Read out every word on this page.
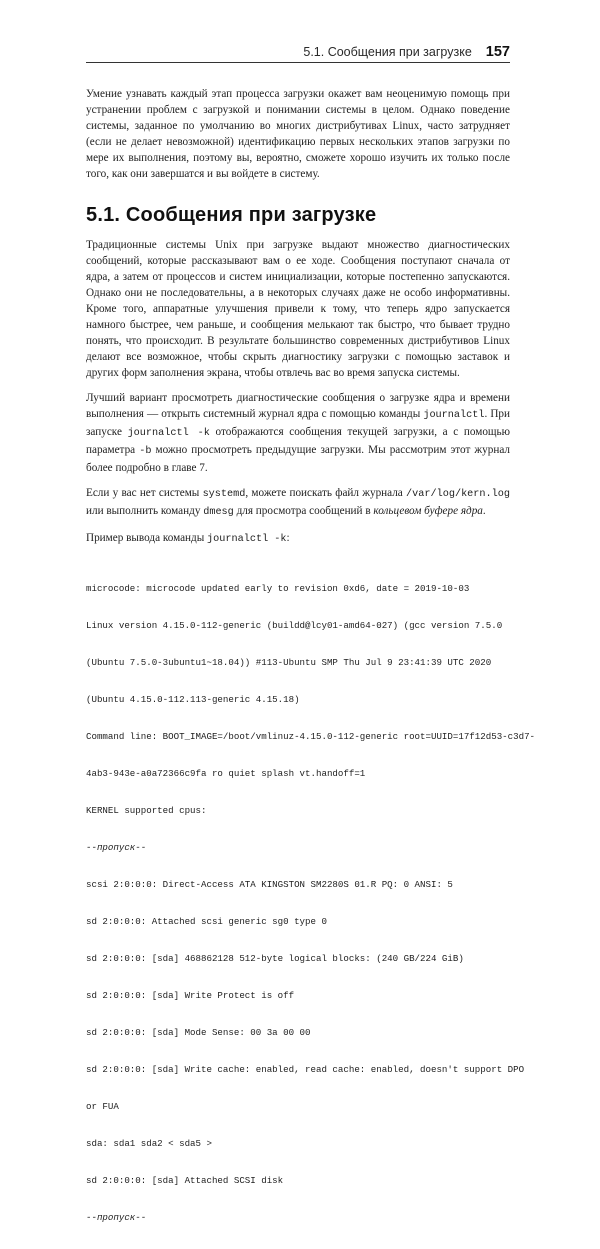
5.1. Сообщения при загрузке 157

Умение узнавать каждый этап процесса загрузки окажет вам неоценимую помощь при устранении проблем с загрузкой и понимании системы в целом. Однако поведение системы, заданное по умолчанию во многих дистрибутивах Linux, часто затрудняет (если не делает невозможной) идентификацию первых нескольких этапов загрузки по мере их выполнения, поэтому вы, вероятно, сможете хорошо изучить их только после того, как они завершатся и вы войдете в систему.

5.1. Сообщения при загрузке

Традиционные системы Unix при загрузке выдают множество диагностических сообщений, которые рассказывают вам о ее ходе. Сообщения поступают сначала от ядра, а затем от процессов и систем инициализации, которые постепенно запускаются. Однако они не последовательны, а в некоторых случаях даже не особо информативны. Кроме того, аппаратные улучшения привели к тому, что теперь ядро запускается намного быстрее, чем раньше, и сообщения мелькают так быстро, что бывает трудно понять, что происходит. В результате большинство современных дистрибутивов Linux делают все возможное, чтобы скрыть диагностику загрузки с помощью заставок и других форм заполнения экрана, чтобы отвлечь вас во время запуска системы.

Лучший вариант просмотреть диагностические сообщения о загрузке ядра и времени выполнения — открыть системный журнал ядра с помощью команды journalctl. При запуске journalctl -k отображаются сообщения текущей загрузки, а с помощью параметра -b можно просмотреть предыдущие загрузки. Мы рассмотрим этот журнал более подробно в главе 7.

Если у вас нет системы systemd, можете поискать файл журнала /var/log/kern.log или выполнить команду dmesg для просмотра сообщений в кольцевом буфере ядра.

Пример вывода команды journalctl -k:

microcode: microcode updated early to revision 0xd6, date = 2019-10-03

Linux version 4.15.0-112-generic (buildd@lcy01-amd64-027) (gcc version 7.5.0

(Ubuntu 7.5.0-3ubuntu1~18.04)) #113-Ubuntu SMP Thu Jul 9 23:41:39 UTC 2020

(Ubuntu 4.15.0-112.113-generic 4.15.18)

Command line: BOOT_IMAGE=/boot/vmlinuz-4.15.0-112-generic root=UUID=17f12d53-c3d7-

4ab3-943e-a0a72366c9fa ro quiet splash vt.handoff=1

KERNEL supported cpus:

--пропуск--

scsi 2:0:0:0: Direct-Access ATA KINGSTON SM2280S 01.R PQ: 0 ANSI: 5

sd 2:0:0:0: Attached scsi generic sg0 type 0

sd 2:0:0:0: [sda] 468862128 512-byte logical blocks: (240 GB/224 GiB)

sd 2:0:0:0: [sda] Write Protect is off

sd 2:0:0:0: [sda] Mode Sense: 00 3a 00 00

sd 2:0:0:0: [sda] Write cache: enabled, read cache: enabled, doesn't support DPO

or FUA

sda: sda1 sda2 < sda5 >

sd 2:0:0:0: [sda] Attached SCSI disk

--пропуск--
